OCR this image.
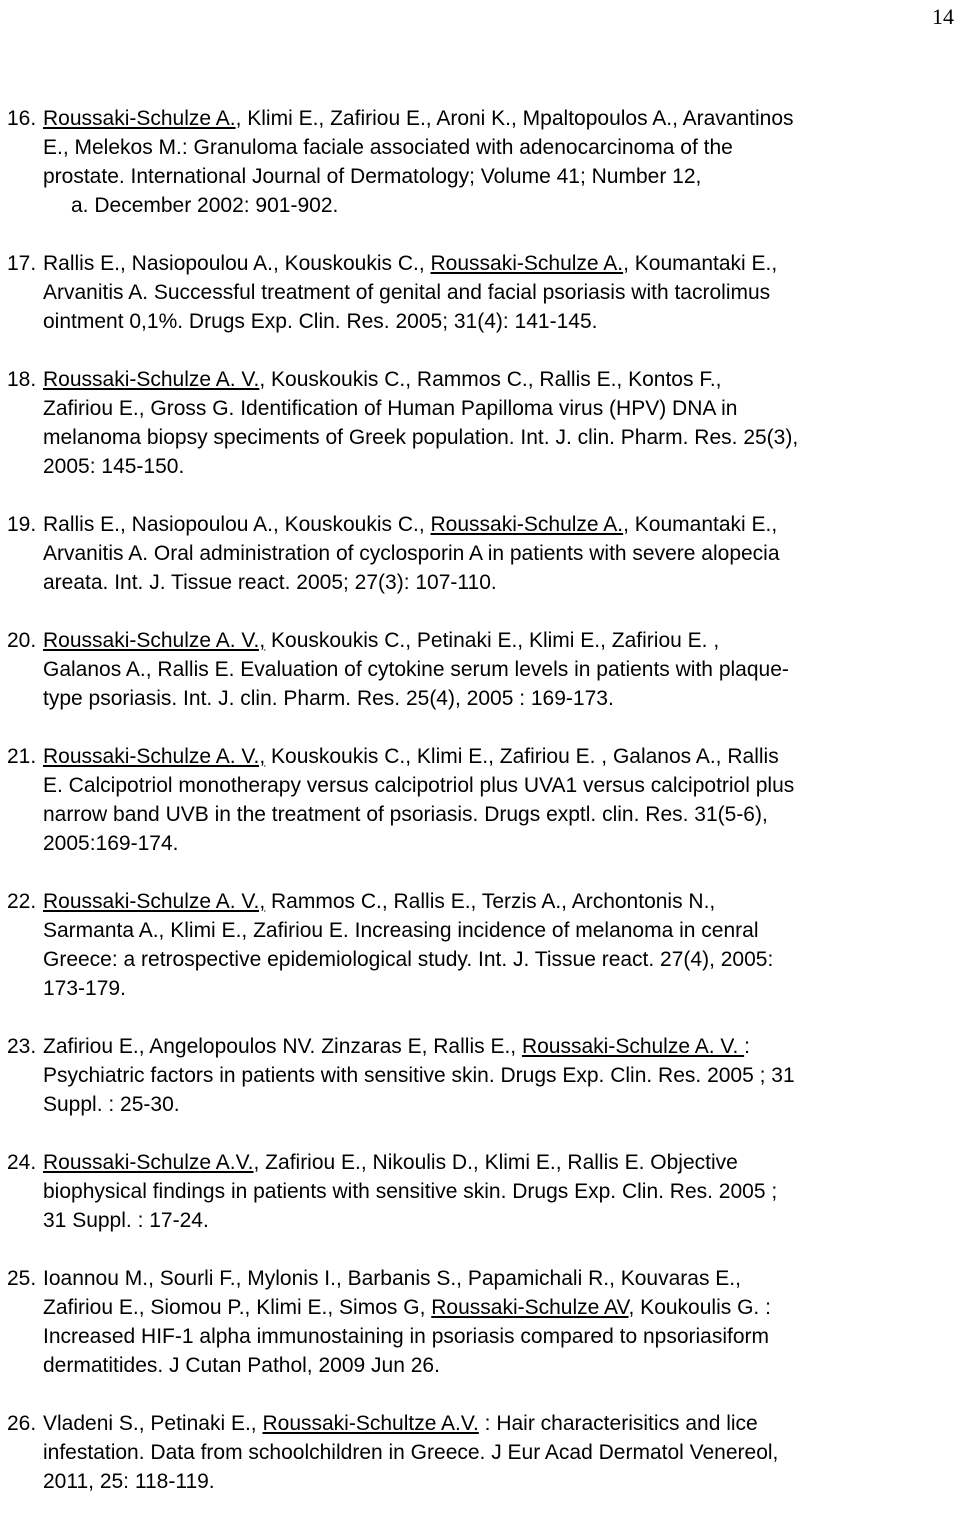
14
16. Roussaki-Schulze A., Klimi E., Zafiriou E., Aroni K., Mpaltopoulos A., Aravantinos
E., Melekos M.: Granuloma faciale associated with adenocarcinoma of the
prostate. International Journal of Dermatology; Volume 41; Number 12,
a. December 2002: 901-902.
17. Rallis E., Nasiopoulou A., Kouskoukis C., Roussaki-Schulze A., Koumantaki E.,
Arvanitis A. Successful treatment of genital and facial psoriasis with tacrolimus
ointment 0,1%. Drugs Exp. Clin. Res. 2005; 31(4): 141-145.
18. Roussaki-Schulze A. V., Kouskoukis C., Rammos C., Rallis E., Kontos F.,
Zafiriou E., Gross G. Identification of Human Papilloma virus (HPV) DNA in
melanoma biopsy speciments of Greek population. Int. J. clin. Pharm. Res. 25(3),
2005: 145-150.
19. Rallis E., Nasiopoulou A., Kouskoukis C., Roussaki-Schulze A., Koumantaki E.,
Arvanitis A. Oral administration of cyclosporin A in patients with severe alopecia
areata. Int. J. Tissue react. 2005; 27(3): 107-110.
20. Roussaki-Schulze A. V., Kouskoukis C., Petinaki E., Klimi E., Zafiriou E. ,
Galanos A., Rallis E. Evaluation of cytokine serum levels in patients with plaque-
type psoriasis. Int. J. clin. Pharm. Res. 25(4), 2005 : 169-173.
21. Roussaki-Schulze A. V., Kouskoukis C., Klimi E., Zafiriou E. , Galanos A., Rallis
E. Calcipotriol monotherapy versus calcipotriol plus UVA1 versus calcipotriol plus
narrow band UVB in the treatment of psoriasis. Drugs exptl. clin. Res. 31(5-6),
2005:169-174.
22. Roussaki-Schulze A. V., Rammos C., Rallis E., Terzis A., Archontonis N.,
Sarmanta A., Klimi E., Zafiriou E. Increasing incidence of melanoma in cenral
Greece: a retrospective epidemiological study. Int. J. Tissue react. 27(4), 2005:
173-179.
23. Zafiriou E., Angelopoulos NV. Zinzaras E, Rallis E., Roussaki-Schulze A. V. :
Psychiatric factors in patients with sensitive skin. Drugs Exp. Clin. Res. 2005 ; 31
Suppl. : 25-30.
24. Roussaki-Schulze A.V., Zafiriou E., Nikoulis D., Klimi E., Rallis E. Objective
biophysical findings in patients with sensitive skin. Drugs Exp. Clin. Res. 2005 ;
31 Suppl. : 17-24.
25. Ioannou M., Sourli F., Mylonis I., Barbanis S., Papamichali R., Kouvaras E.,
Zafiriou E., Siomou P., Klimi E., Simos G, Roussaki-Schulze AV, Koukoulis G. :
Increased HIF-1 alpha immunostaining in psoriasis compared to npsoriasiform
dermatitides. J Cutan Pathol, 2009 Jun 26.
26. Vladeni S., Petinaki E., Roussaki-Schultze A.V. : Hair characterisitics and lice
infestation. Data from schoolchildren in Greece. J Eur Acad Dermatol Venereol,
2011, 25: 118-119.
